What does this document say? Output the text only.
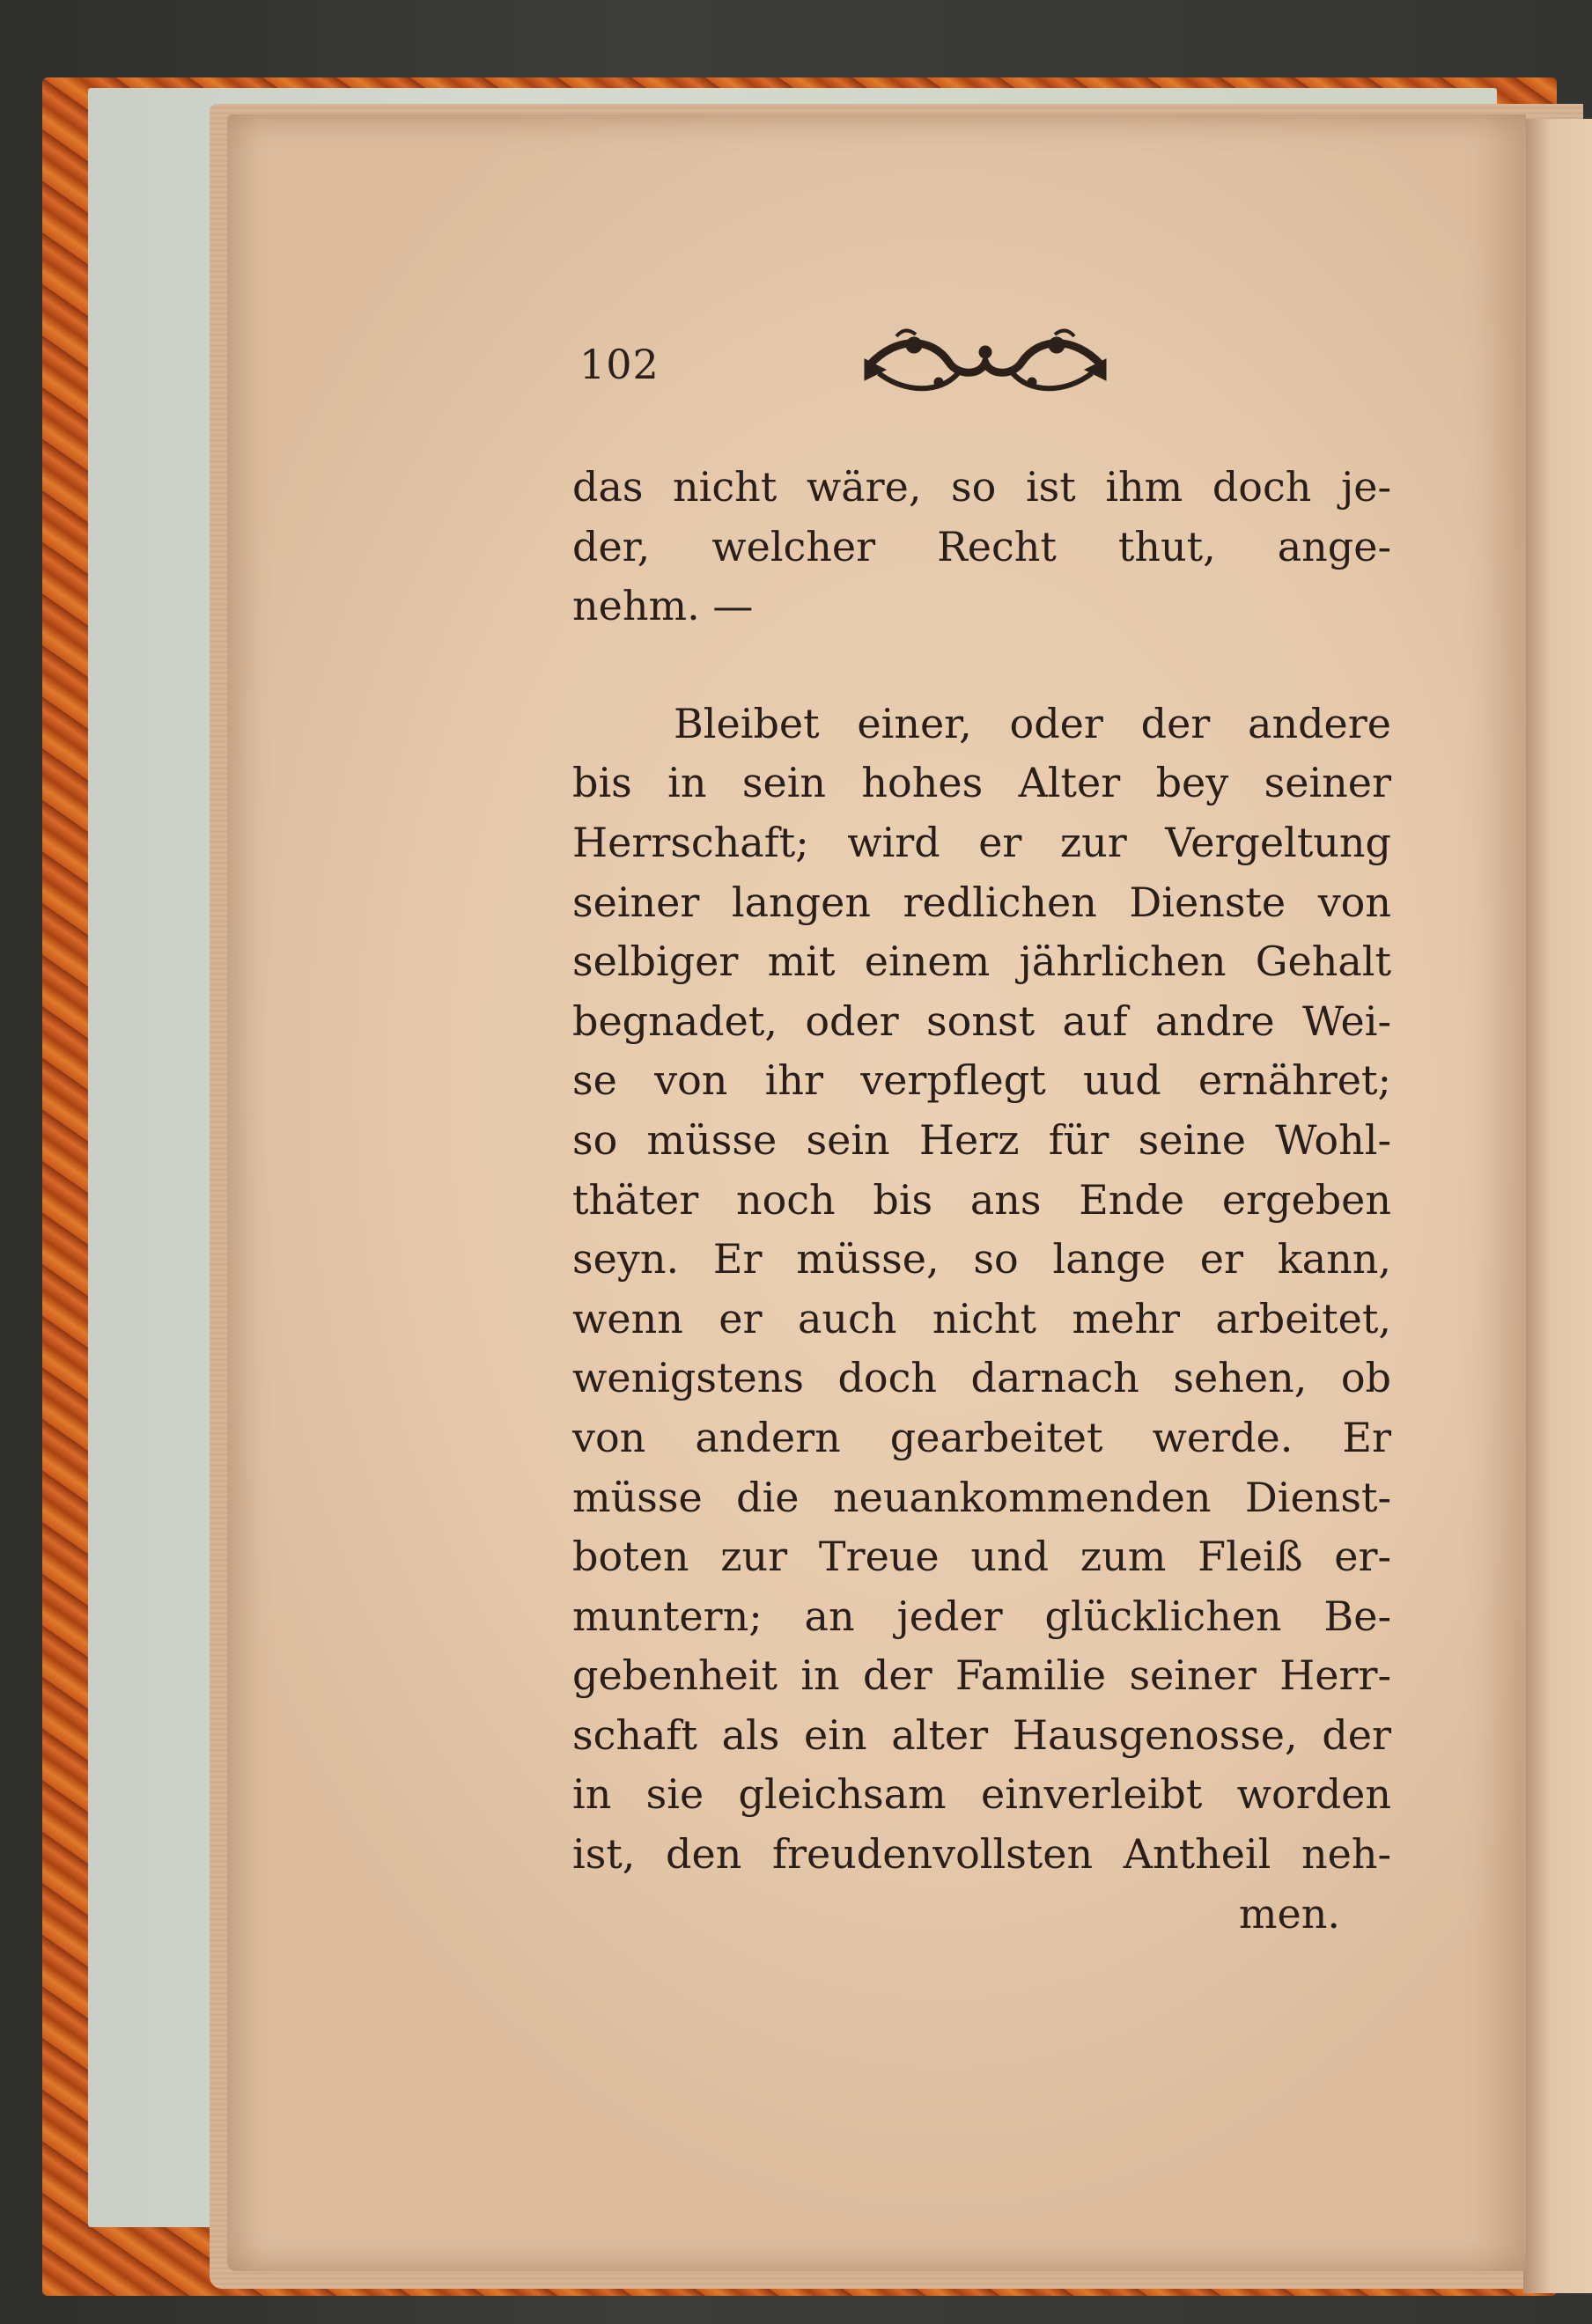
102
das nicht wäre, so ist ihm doch je-
der, welcher Recht thut, ange-
nehm. —
Bleibet einer, oder der andere
bis in sein hohes Alter bey seiner
Herrschaft; wird er zur Vergeltung
seiner langen redlichen Dienste von
selbiger mit einem jährlichen Gehalt
begnadet, oder sonst auf andre Wei-
se von ihr verpflegt uud ernähret;
so müsse sein Herz für seine Wohl-
thäter noch bis ans Ende ergeben
seyn. Er müsse, so lange er kann,
wenn er auch nicht mehr arbeitet,
wenigstens doch darnach sehen, ob
von andern gearbeitet werde. Er
müsse die neuankommenden Dienst-
boten zur Treue und zum Fleiß er-
muntern; an jeder glücklichen Be-
gebenheit in der Familie seiner Herr-
schaft als ein alter Hausgenosse, der
in sie gleichsam einverleibt worden
ist, den freudenvollsten Antheil neh-
men.
